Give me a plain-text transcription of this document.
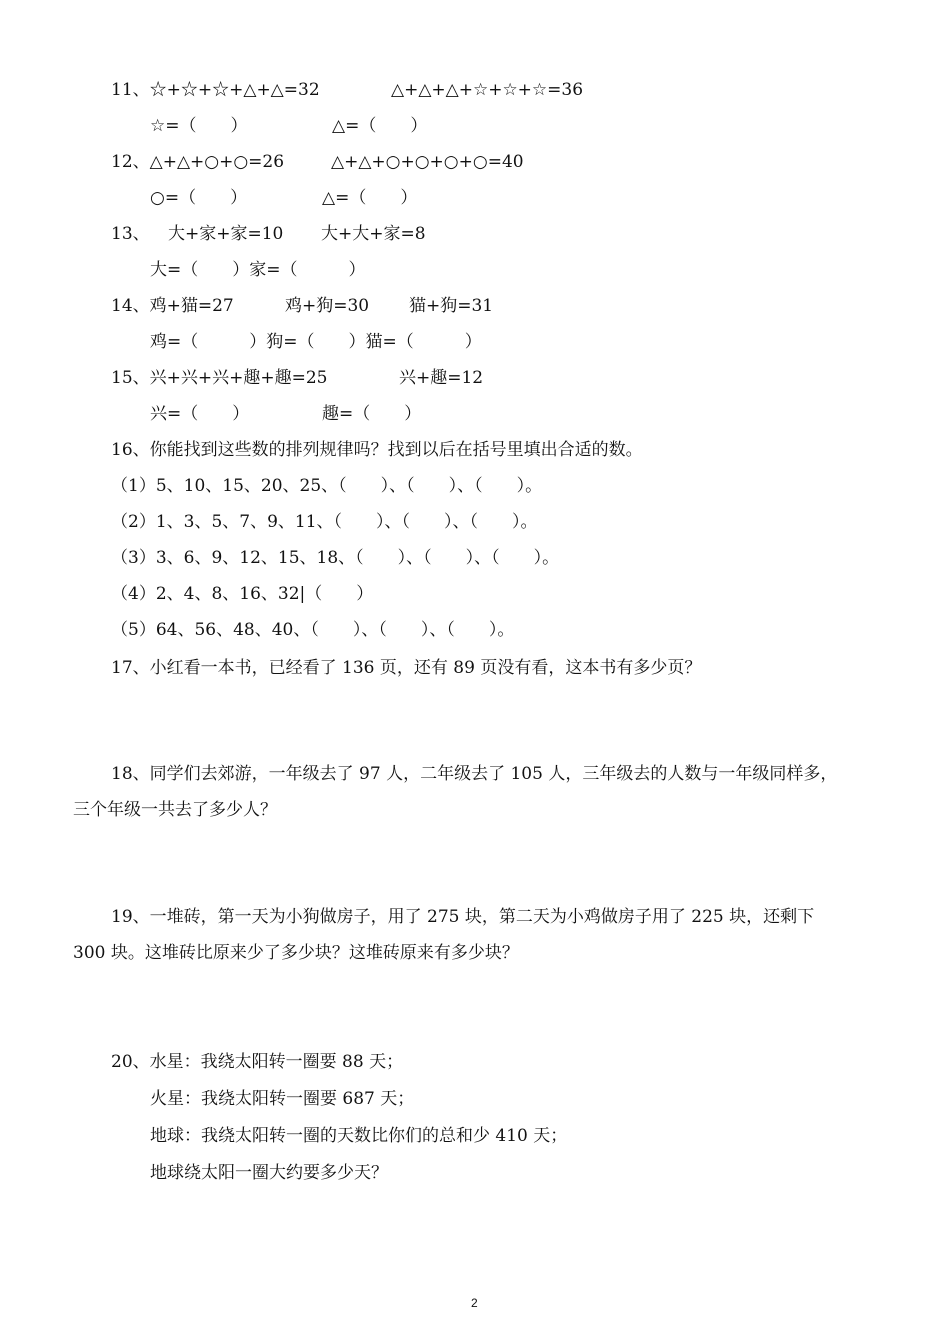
11、☆+☆+☆+△+△=32	△+△+△+☆+☆+☆=36
☆=（　　）	△=（　　）
12、△+△+○+○=26	△+△+○+○+○+○=40
○=（　　）	△=（　　）
13、 大+家+家=10 大+大+家=8
大=（　　）家=（　　　）
14、鸡+猫=27	鸡+狗=30 猫+狗=31
鸡=（　　　）狗=（　　）猫=（　　　）
15、兴+兴+兴+趣+趣=25	兴+趣=12
兴=（　　）	趣=（　　）
16、你能找到这些数的排列规律吗？找到以后在括号里填出合适的数。
（1）5、10、15、20、25、（　　）、（　　）、（　　）。
（2）1、3、5、7、9、11、（　　）、（　　）、（　　）。
（3）3、6、9、12、15、18、（　　）、（　　）、（　　）。
（4）2、4、8、16、32|（　　）
（5）64、56、48、40、（　　）、（　　）、（　　）。
17、小红看一本书，已经看了 136 页，还有 89 页没有看，这本书有多少页？
18、同学们去郊游，一年级去了 97 人，二年级去了 105 人，三年级去的人数与一年级同样多，
三个年级一共去了多少人？
19、一堆砖，第一天为小狗做房子，用了 275 块，第二天为小鸡做房子用了 225 块，还剩下
300 块。这堆砖比原来少了多少块？这堆砖原来有多少块？
20、水星：我绕太阳转一圈要 88 天；
火星：我绕太阳转一圈要 687 天；
地球：我绕太阳转一圈的天数比你们的总和少 410 天；
地球绕太阳一圈大约要多少天？
2
